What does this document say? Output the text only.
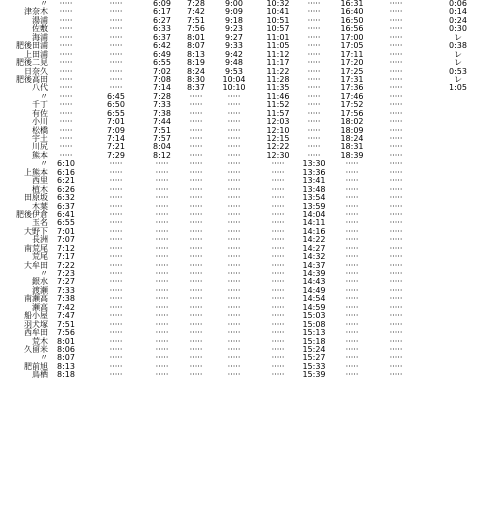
〃	·····	·····	6:09	7:28	9:00	10:32	·····	16:31	·····	0:06
津奈木	·····	·····	6:17	7:42	9:09	10:41	·····	16:40	·····	0:14
湯浦	·····	·····	6:27	7:51	9:18	10:51	·····	16:50	·····	0:24
佐敷	·····	·····	6:33	7:56	9:23	10:57	·····	16:56	·····	0:30
海浦	·····	·····	6:37	8:01	9:27	11:01	·····	17:00	·····	レ
肥後田浦	·····	·····	6:42	8:07	9:33	11:05	·····	17:05	·····	0:38
上田浦	·····	·····	6:49	8:13	9:42	11:12	·····	17:11	·····	レ
肥後二見	·····	·····	6:55	8:19	9:48	11:17	·····	17:20	·····	レ
日奈久	·····	·····	7:02	8:24	9:53	11:22	·····	17:25	·····	0:53
肥後高田	·····	·····	7:08	8:30	10:04	11:28	·····	17:31	·····	レ
八代	·····	·····	7:14	8:37	10:10	11:35	·····	17:36	·····	1:05
〃	·····	6:45	7:28	·····	·····	11:46	·····	17:46	·····
千丁	·····	6:50	7:33	·····	·····	11:52	·····	17:52	·····
有佐	·····	6:55	7:38	·····	·····	11:57	·····	17:56	·····
小川	·····	7:01	7:44	·····	·····	12:03	·····	18:02	·····
松橋	·····	7:09	7:51	·····	·····	12:10	·····	18:09	·····
宇土	·····	7:14	7:57	·····	·····	12:15	·····	18:24	·····
川尻	·····	7:21	8:04	·····	·····	12:22	·····	18:31	·····
熊本	·····	7:29	8:12	·····	·····	12:30	·····	18:39	·····
〃	6:10	·····	·····	·····	·····	·····	13:30	·····	·····
上熊本	6:16	·····	·····	·····	·····	·····	13:36	·····	·····
西里	6:21	·····	·····	·····	·····	·····	13:41	·····	·····
植木	6:26	·····	·····	·····	·····	·····	13:48	·····	·····
田原坂	6:32	·····	·····	·····	·····	·····	13:54	·····	·····
木葉	6:37	·····	·····	·····	·····	·····	13:59	·····	·····
肥後伊倉	6:41	·····	·····	·····	·····	·····	14:04	·····	·····
玉名	6:55	·····	·····	·····	·····	·····	14:11	·····	·····
大野下	7:01	·····	·····	·····	·····	·····	14:16	·····	·····
長洲	7:07	·····	·····	·····	·····	·····	14:22	·····	·····
南荒尾	7:12	·····	·····	·····	·····	·····	14:27	·····	·····
荒尾	7:17	·····	·····	·····	·····	·····	14:32	·····	·····
大牟田	7:22	·····	·····	·····	·····	·····	14:37	·····	·····
〃	7:23	·····	·····	·····	·····	·····	14:39	·····	·····
銀水	7:27	·····	·····	·····	·····	·····	14:43	·····	·····
渡瀬	7:33	·····	·····	·····	·····	·····	14:49	·····	·····
南瀬高	7:38	·····	·····	·····	·····	·····	14:54	·····	·····
瀬高	7:42	·····	·····	·····	·····	·····	14:59	·····	·····
船小屋	7:47	·····	·····	·····	·····	·····	15:03	·····	·····
羽犬塚	7:51	·····	·····	·····	·····	·····	15:08	·····	·····
西牟田	7:56	·····	·····	·····	·····	·····	15:13	·····	·····
荒木	8:01	·····	·····	·····	·····	·····	15:18	·····	·····
久留米	8:06	·····	·····	·····	·····	·····	15:24	·····	·····
〃	8:07	·····	·····	·····	·····	·····	15:27	·····	·····
肥前旭	8:13	·····	·····	·····	·····	·····	15:33	·····	·····
鳥栖	8:18	·····	·····	·····	·····	·····	15:39	·····	·····
